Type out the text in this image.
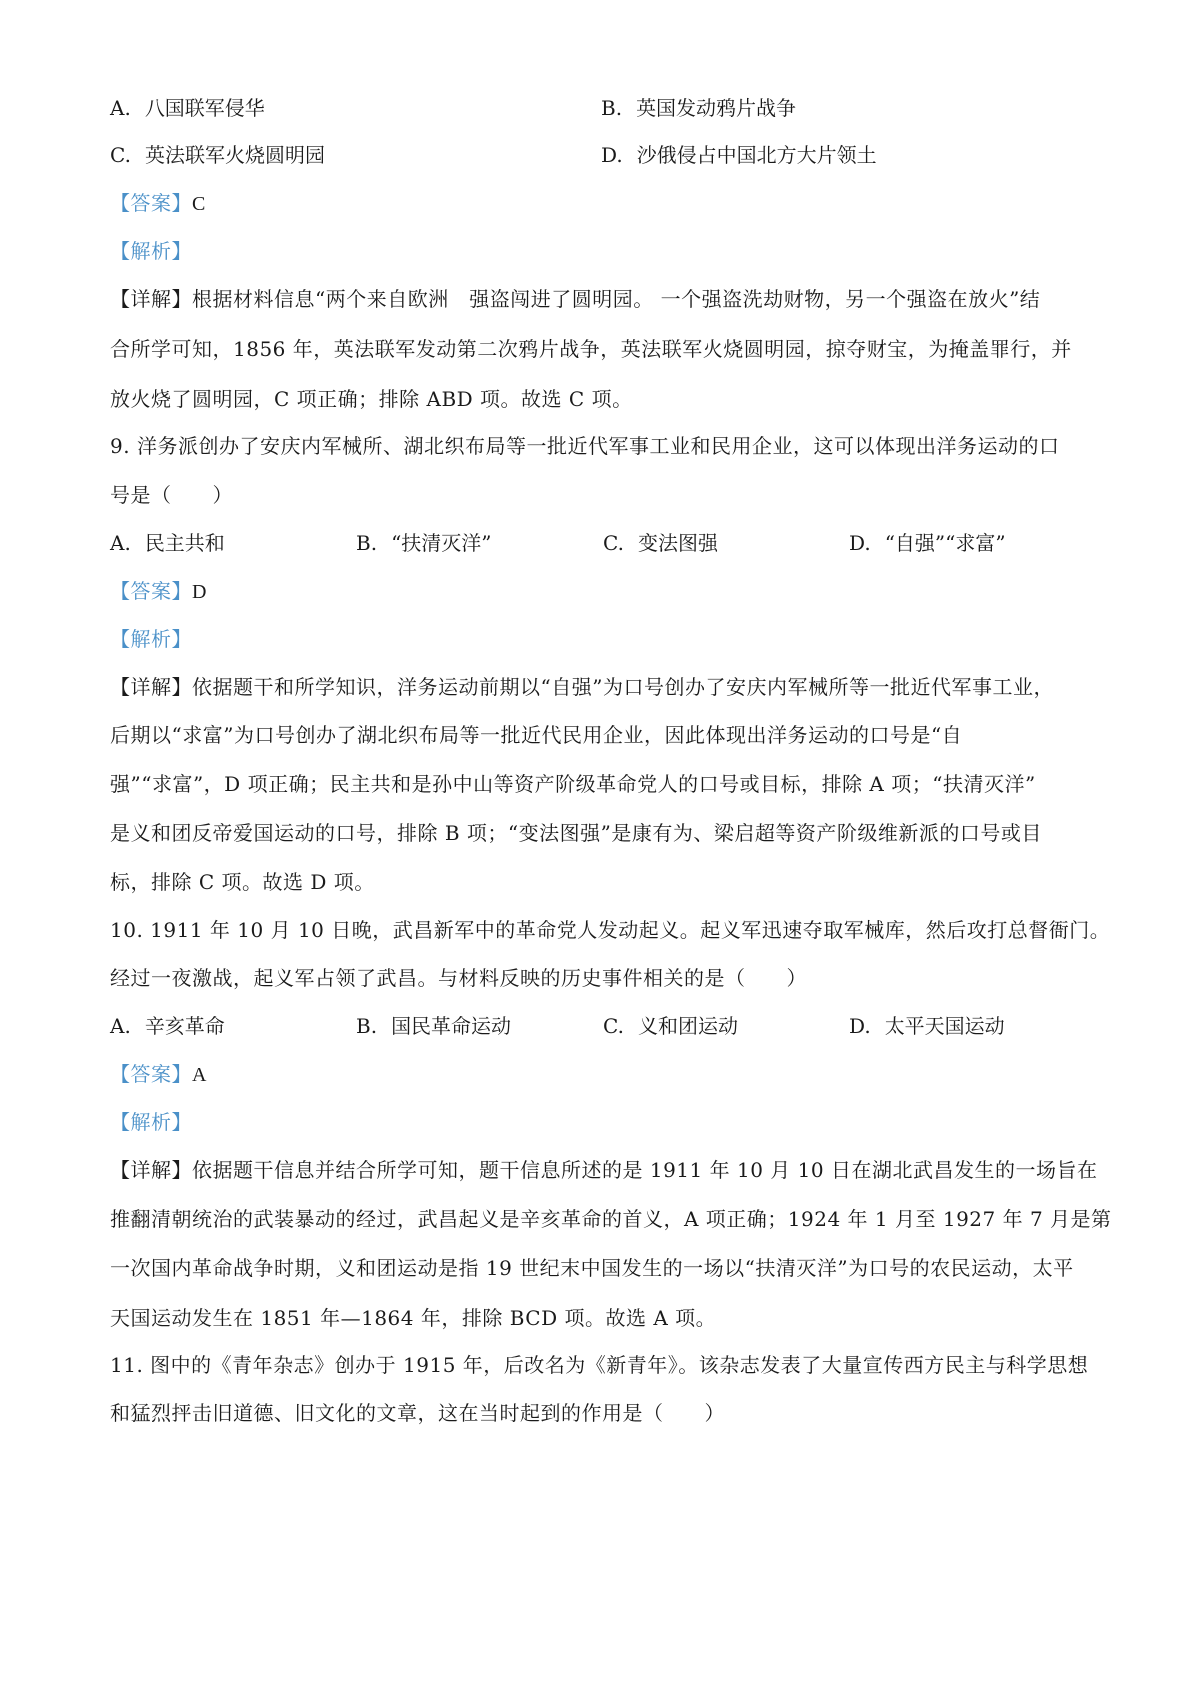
A. 八国联军侵华	B. 英国发动鸦片战争
C. 英法联军火烧圆明园	D. 沙俄侵占中国北方大片领土
【答案】C
【解析】
【详解】根据材料信息“两个来自欧洲　强盗闯进了圆明园。 一个强盗洗劫财物，另一个强盗在放火”结
合所学可知，1856 年，英法联军发动第二次鸦片战争，英法联军火烧圆明园，掠夺财宝，为掩盖罪行，并
放火烧了圆明园，C 项正确；排除 ABD 项。故选 C 项。
9. 洋务派创办了安庆内军械所、湖北织布局等一批近代军事工业和民用企业，这可以体现出洋务运动的口
号是（　　）
A. 民主共和	B. “扶清灭洋”	C. 变法图强	D. “自强”“求富”
【答案】D
【解析】
【详解】依据题干和所学知识，洋务运动前期以“自强”为口号创办了安庆内军械所等一批近代军事工业，
后期以“求富”为口号创办了湖北织布局等一批近代民用企业，因此体现出洋务运动的口号是“自
强”“求富”，D 项正确；民主共和是孙中山等资产阶级革命党人的口号或目标，排除 A 项；“扶清灭洋”
是义和团反帝爱国运动的口号，排除 B 项；“变法图强”是康有为、梁启超等资产阶级维新派的口号或目
标，排除 C 项。故选 D 项。
10. 1911 年 10 月 10 日晚，武昌新军中的革命党人发动起义。起义军迅速夺取军械库，然后攻打总督衙门。
经过一夜激战，起义军占领了武昌。与材料反映的历史事件相关的是（　　）
A. 辛亥革命	B. 国民革命运动	C. 义和团运动	D. 太平天国运动
【答案】A
【解析】
【详解】依据题干信息并结合所学可知，题干信息所述的是 1911 年 10 月 10 日在湖北武昌发生的一场旨在
推翻清朝统治的武装暴动的经过，武昌起义是辛亥革命的首义，A 项正确；1924 年 1 月至 1927 年 7 月是第
一次国内革命战争时期，义和团运动是指 19 世纪末中国发生的一场以“扶清灭洋”为口号的农民运动，太平
天国运动发生在 1851 年—1864 年，排除 BCD 项。故选 A 项。
11. 图中的《青年杂志》创办于 1915 年，后改名为《新青年》。该杂志发表了大量宣传西方民主与科学思想
和猛烈抨击旧道德、旧文化的文章，这在当时起到的作用是（　　）
